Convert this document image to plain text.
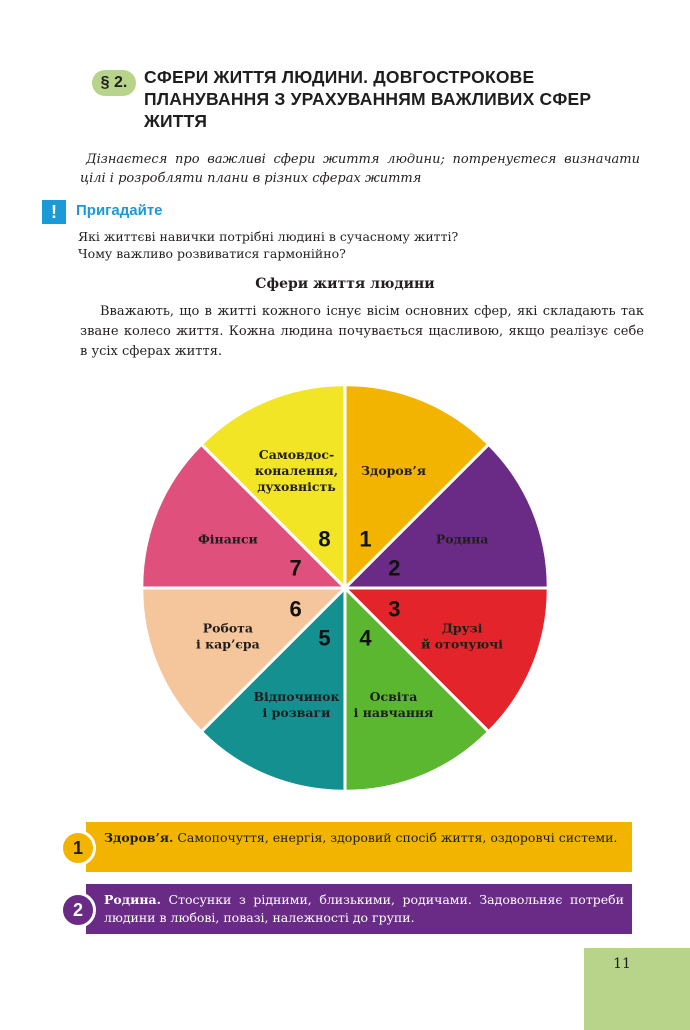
§ 2. СФЕРИ ЖИТТЯ ЛЮДИНИ. ДОВГОСТРОКОВЕ ПЛАНУВАННЯ З УРАХУВАННЯМ ВАЖЛИВИХ СФЕР ЖИТТЯ
Дізнаєтеся про важливі сфери життя людини; потренуєтеся визначати цілі і розробляти плани в різних сферах життя
!	Пригадайте
Які життєві навички потрібні людині в сучасному житті?
Чому важливо розвиватися гармонійно?
Сфери життя людини
Вважають, що в житті кожного існує вісім основних сфер, які складають так зване колесо життя. Кожна людина почувається щасливою, якщо реалізує себе в усіх сферах життя.
1
Здоров’я
2
Родина
3
Друзі й оточуючі
4
Освіта і навчання
5
Відпочинок і розваги
6
Робота і кар’єра
7
Фінанси	8
Самовдос-коналення, духовність
1
Здоров’я. Самопочуття, енергія, здоровий спосіб життя, оздоровчі системи.
2
Родина. Стосунки з рідними, близькими, родичами. Задовольняє потреби людини в любові, повазі, належності до групи.
11
